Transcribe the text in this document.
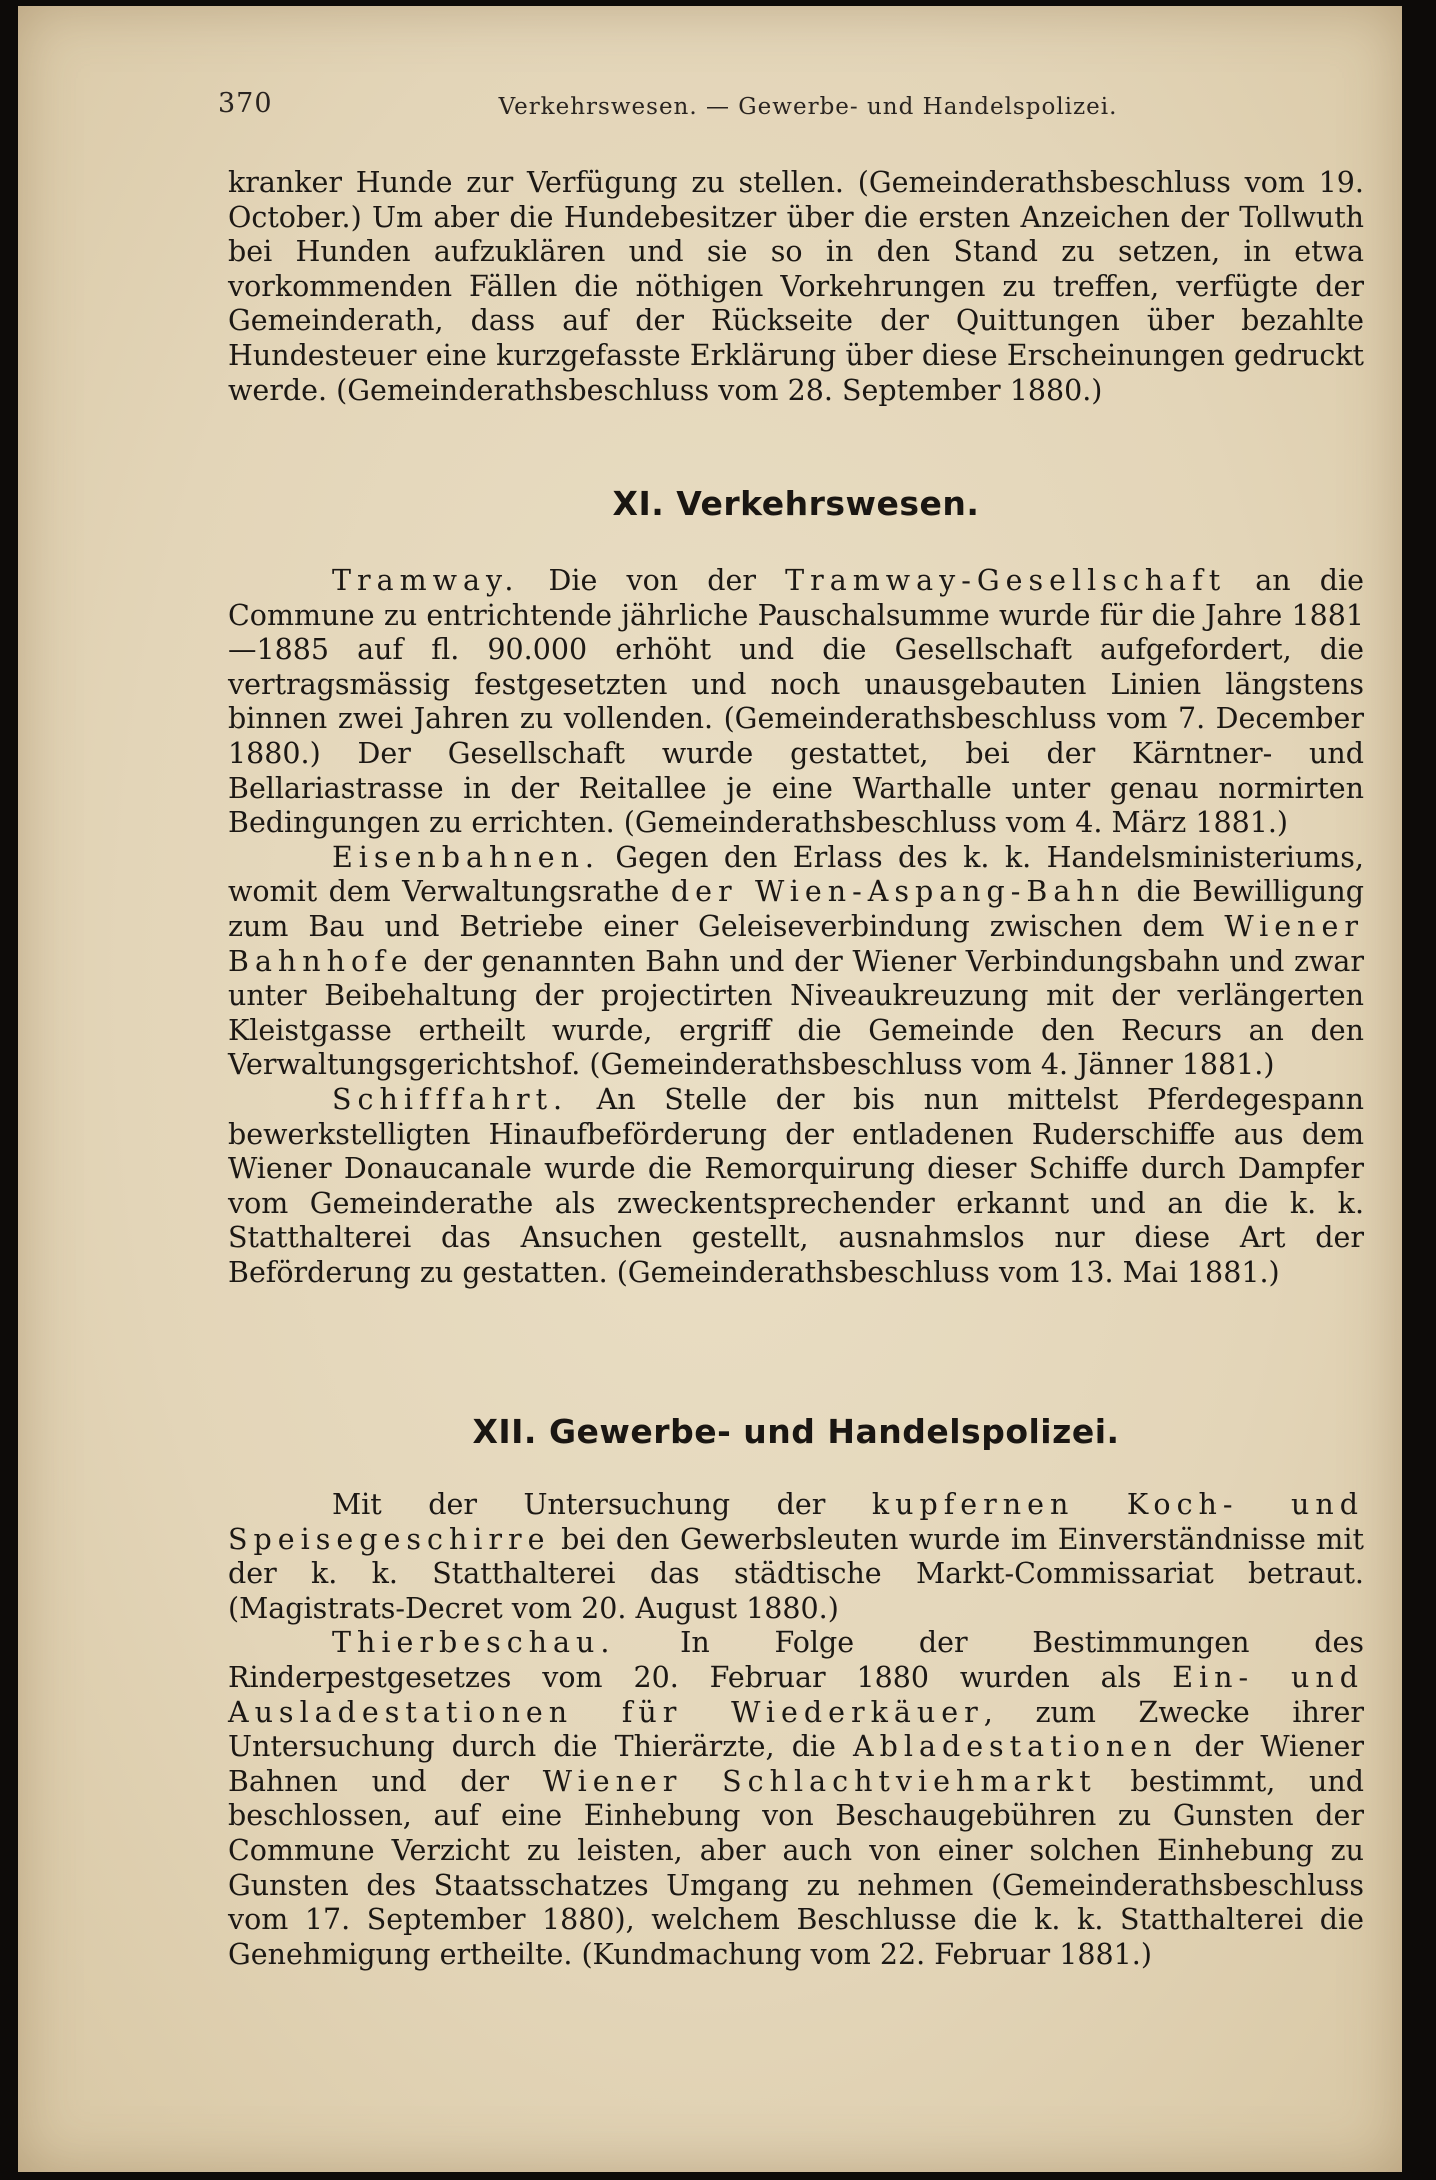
370	Verkehrswesen. — Gewerbe- und Handelspolizei.

kranker Hunde zur Verfügung zu stellen. (Gemeinderathsbeschluss vom 19. October.) Um aber die Hundebesitzer über die ersten Anzeichen der Tollwuth bei Hunden aufzuklären und sie so in den Stand zu setzen, in etwa vorkommenden Fällen die nöthigen Vorkehrungen zu treffen, verfügte der Gemeinderath, dass auf der Rückseite der Quittungen über bezahlte Hundesteuer eine kurzgefasste Erklärung über diese Erscheinungen gedruckt werde. (Gemeinderathsbeschluss vom 28. September 1880.)

XI. Verkehrswesen.

Tramway. Die von der Tramway-Gesellschaft an die Commune zu entrichtende jährliche Pauschalsumme wurde für die Jahre 1881—1885 auf fl. 90.000 erhöht und die Gesellschaft aufgefordert, die vertragsmässig festgesetzten und noch unausgebauten Linien längstens binnen zwei Jahren zu vollenden. (Gemeinderathsbeschluss vom 7. December 1880.) Der Gesellschaft wurde gestattet, bei der Kärntner- und Bellariastrasse in der Reitallee je eine Warthalle unter genau normirten Bedingungen zu errichten. (Gemeinderathsbeschluss vom 4. März 1881.)

Eisenbahnen. Gegen den Erlass des k. k. Handelsministeriums, womit dem Verwaltungsrathe der Wien-Aspang-Bahn die Bewilligung zum Bau und Betriebe einer Geleiseverbindung zwischen dem Wiener Bahnhofe der genannten Bahn und der Wiener Verbindungsbahn und zwar unter Beibehaltung der projectirten Niveaukreuzung mit der verlängerten Kleistgasse ertheilt wurde, ergriff die Gemeinde den Recurs an den Verwaltungsgerichtshof. (Gemeinderathsbeschluss vom 4. Jänner 1881.)

Schifffahrt. An Stelle der bis nun mittelst Pferdegespann bewerkstelligten Hinaufbeförderung der entladenen Ruderschiffe aus dem Wiener Donaucanale wurde die Remorquirung dieser Schiffe durch Dampfer vom Gemeinderathe als zweckentsprechender erkannt und an die k. k. Statthalterei das Ansuchen gestellt, ausnahmslos nur diese Art der Beförderung zu gestatten. (Gemeinderathsbeschluss vom 13. Mai 1881.)

XII. Gewerbe- und Handelspolizei.

Mit der Untersuchung der kupfernen Koch- und Speisegeschirre bei den Gewerbsleuten wurde im Einverständnisse mit der k. k. Statthalterei das städtische Markt-Commissariat betraut. (Magistrats-Decret vom 20. August 1880.)

Thierbeschau. In Folge der Bestimmungen des Rinderpestgesetzes vom 20. Februar 1880 wurden als Ein- und Ausladestationen für Wiederkäuer, zum Zwecke ihrer Untersuchung durch die Thierärzte, die Abladestationen der Wiener Bahnen und der Wiener Schlachtviehmarkt bestimmt, und beschlossen, auf eine Einhebung von Beschaugebühren zu Gunsten der Commune Verzicht zu leisten, aber auch von einer solchen Einhebung zu Gunsten des Staatsschatzes Umgang zu nehmen (Gemeinderathsbeschluss vom 17. September 1880), welchem Beschlusse die k. k. Statthalterei die Genehmigung ertheilte. (Kundmachung vom 22. Februar 1881.)
